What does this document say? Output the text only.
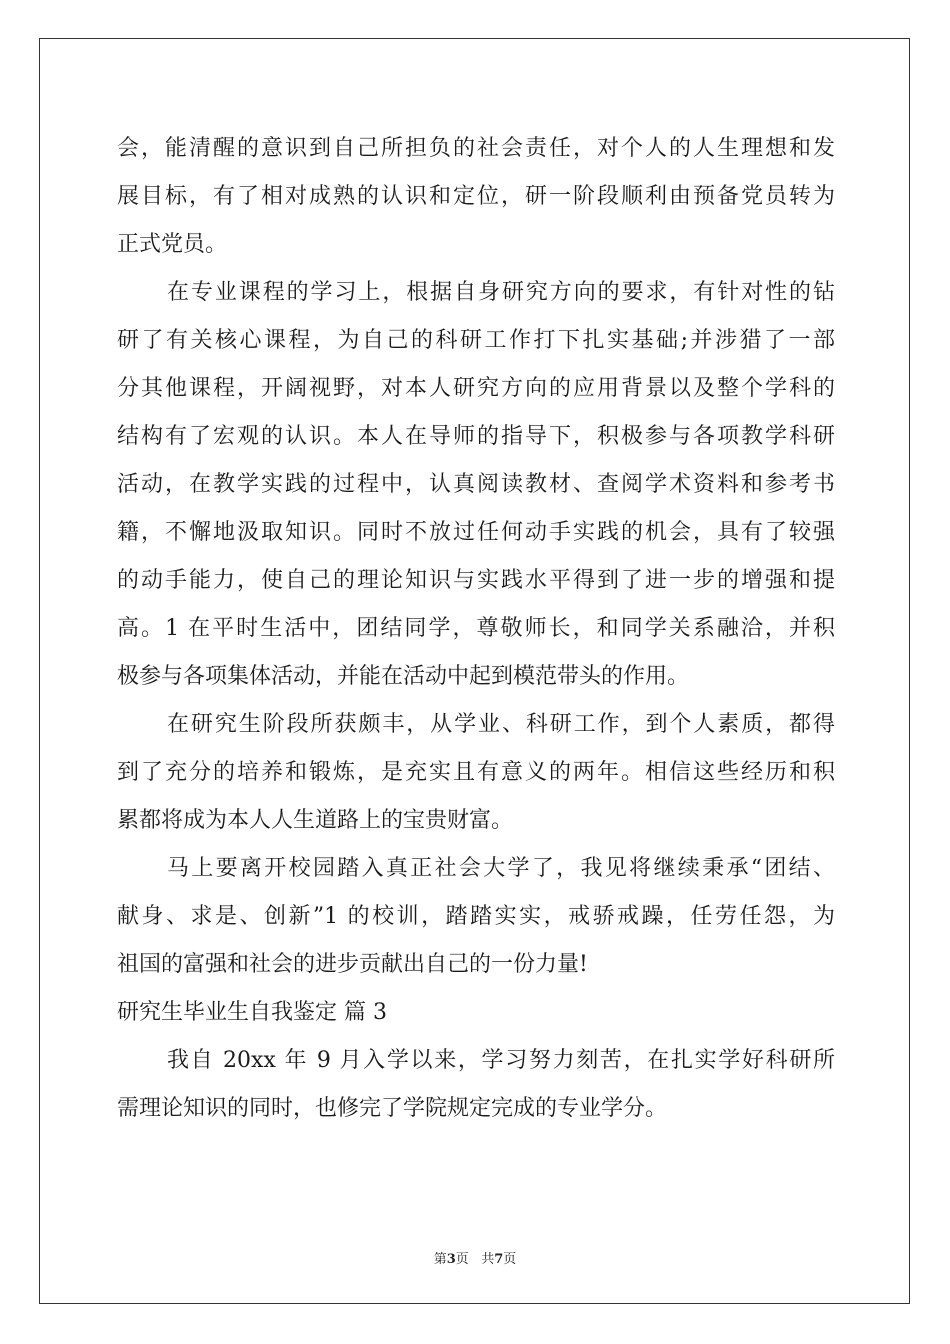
会，能清醒的意识到自己所担负的社会责任，对个人的人生理想和发
展目标，有了相对成熟的认识和定位，研一阶段顺利由预备党员转为
正式党员。
在专业课程的学习上，根据自身研究方向的要求，有针对性的钻
研了有关核心课程，为自己的科研工作打下扎实基础;并涉猎了一部
分其他课程，开阔视野，对本人研究方向的应用背景以及整个学科的
结构有了宏观的认识。本人在导师的指导下，积极参与各项教学科研
活动，在教学实践的过程中，认真阅读教材、查阅学术资料和参考书
籍，不懈地汲取知识。同时不放过任何动手实践的机会，具有了较强
的动手能力，使自己的理论知识与实践水平得到了进一步的增强和提
高。1 在平时生活中，团结同学，尊敬师长，和同学关系融洽，并积
极参与各项集体活动，并能在活动中起到模范带头的作用。
在研究生阶段所获颇丰，从学业、科研工作，到个人素质，都得
到了充分的培养和锻炼，是充实且有意义的两年。相信这些经历和积
累都将成为本人人生道路上的宝贵财富。
马上要离开校园踏入真正社会大学了，我见将继续秉承“团结、
献身、求是、创新”1 的校训，踏踏实实，戒骄戒躁，任劳任怨，为
祖国的富强和社会的进步贡献出自己的一份力量!
研究生毕业生自我鉴定 篇 3
我自 20xx 年 9 月入学以来，学习努力刻苦，在扎实学好科研所
需理论知识的同时，也修完了学院规定完成的专业学分。
第3页 共7页
